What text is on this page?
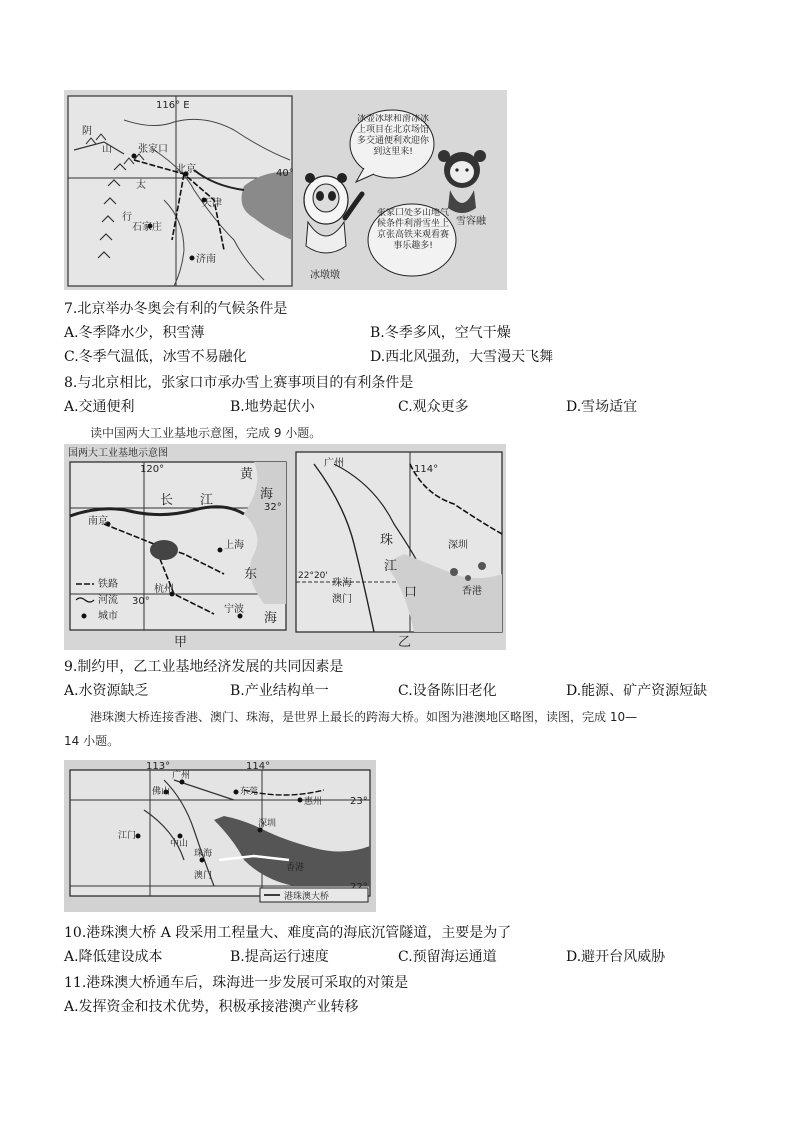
116° E
40°
阴
山	张家口
北京
太
行
石家庄
天津
济南
冰墩墩
冰壶冰球和滑冰冰上项目在北京场馆多交通便利欢迎你到这里来!
雪容融
张家口处多山地气候条件利滑雪坐上京张高铁来观看赛事乐趣多!
7.北京举办冬奥会有利的气候条件是
A.冬季降水少，积雪薄	B.冬季多风，空气干燥
C.冬季气温低，冰雪不易融化	D.西北风强劲，大雪漫天飞舞
8.与北京相比，张家口市承办雪上赛事项目的有利条件是
A.交通便利	B.地势起伏小	C.观众更多	D.雪场适宜
读中国两大工业基地示意图，完成 9 小题。
国两大工业基地示意图
120°
32°
黄
海
长 江
南京
上海
东
杭州
宁波
海
30°
铁路
河流
城市
甲
广州
114°
珠
江
口
深圳
珠海
澳门
香港
22°20'
乙
9.制约甲，乙工业基地经济发展的共同因素是
A.水资源缺乏	B.产业结构单一	C.设备陈旧老化	D.能源、矿产资源短缺
港珠澳大桥连接香港、澳门、珠海，是世界上最长的跨海大桥。如图为港澳地区略图，读图，完成 10—
14 小题。
113°	114°
23°
广州
佛山	东莞
惠州
江门
中山
深圳
珠海
香港
澳门
港珠澳大桥
10.港珠澳大桥 A 段采用工程量大、难度高的海底沉管隧道，主要是为了
A.降低建设成本	B.提高运行速度	C.预留海运通道	D.避开台风威胁
11.港珠澳大桥通车后，珠海进一步发展可采取的对策是
A.发挥资金和技术优势，积极承接港澳产业转移
